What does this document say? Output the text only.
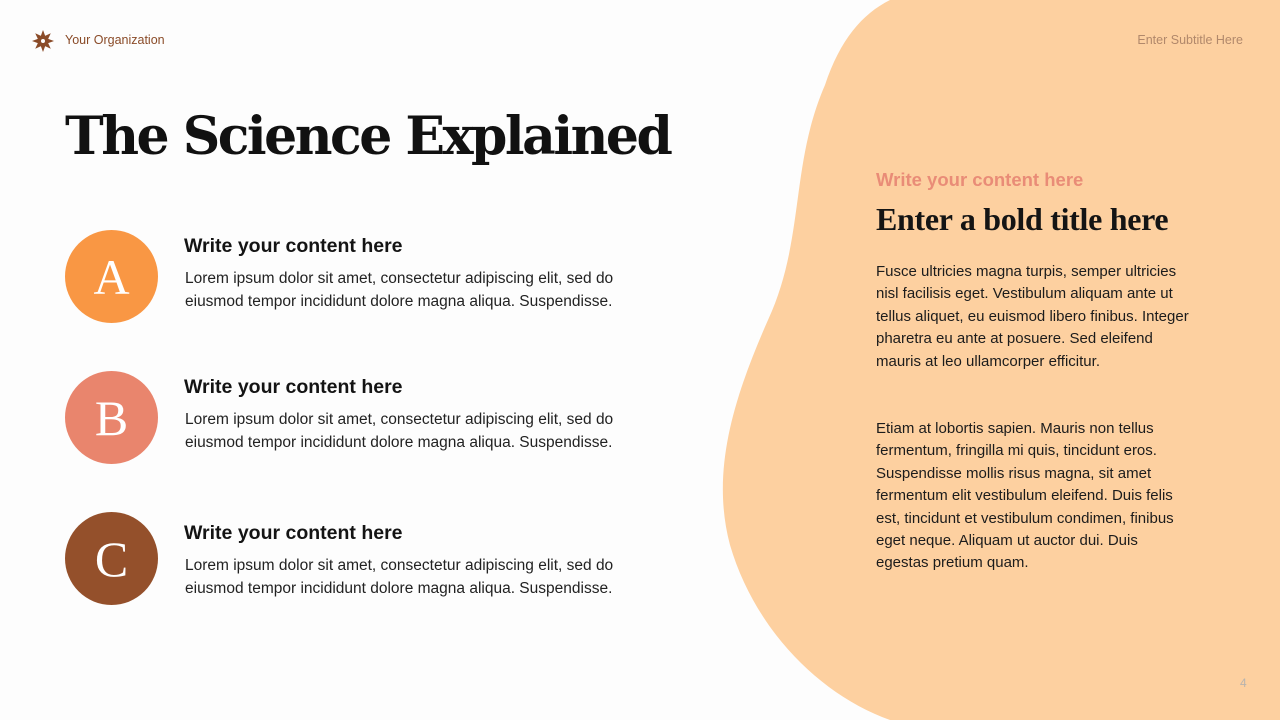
Your Organization	Enter Subtitle Here
The Science Explained
A
Write your content here
Lorem ipsum dolor sit amet, consectetur adipiscing elit, sed do eiusmod tempor incididunt dolore magna aliqua. Suspendisse.
B
Write your content here
Lorem ipsum dolor sit amet, consectetur adipiscing elit, sed do eiusmod tempor incididunt dolore magna aliqua. Suspendisse.
C	Write your content here
Lorem ipsum dolor sit amet, consectetur adipiscing elit, sed do eiusmod tempor incididunt dolore magna aliqua. Suspendisse.
Write your content here
Enter a bold title here

Fusce ultricies magna turpis, semper ultricies nisl facilisis eget. Vestibulum aliquam ante ut tellus aliquet, eu euismod libero finibus. Integer pharetra eu ante at posuere. Sed eleifend mauris at leo ullamcorper efficitur.

Etiam at lobortis sapien. Mauris non tellus fermentum, fringilla mi quis, tincidunt eros. Suspendisse mollis risus magna, sit amet fermentum elit vestibulum eleifend. Duis felis est, tincidunt et vestibulum condimen, finibus eget neque. Aliquam ut auctor dui. Duis egestas pretium quam.

4
